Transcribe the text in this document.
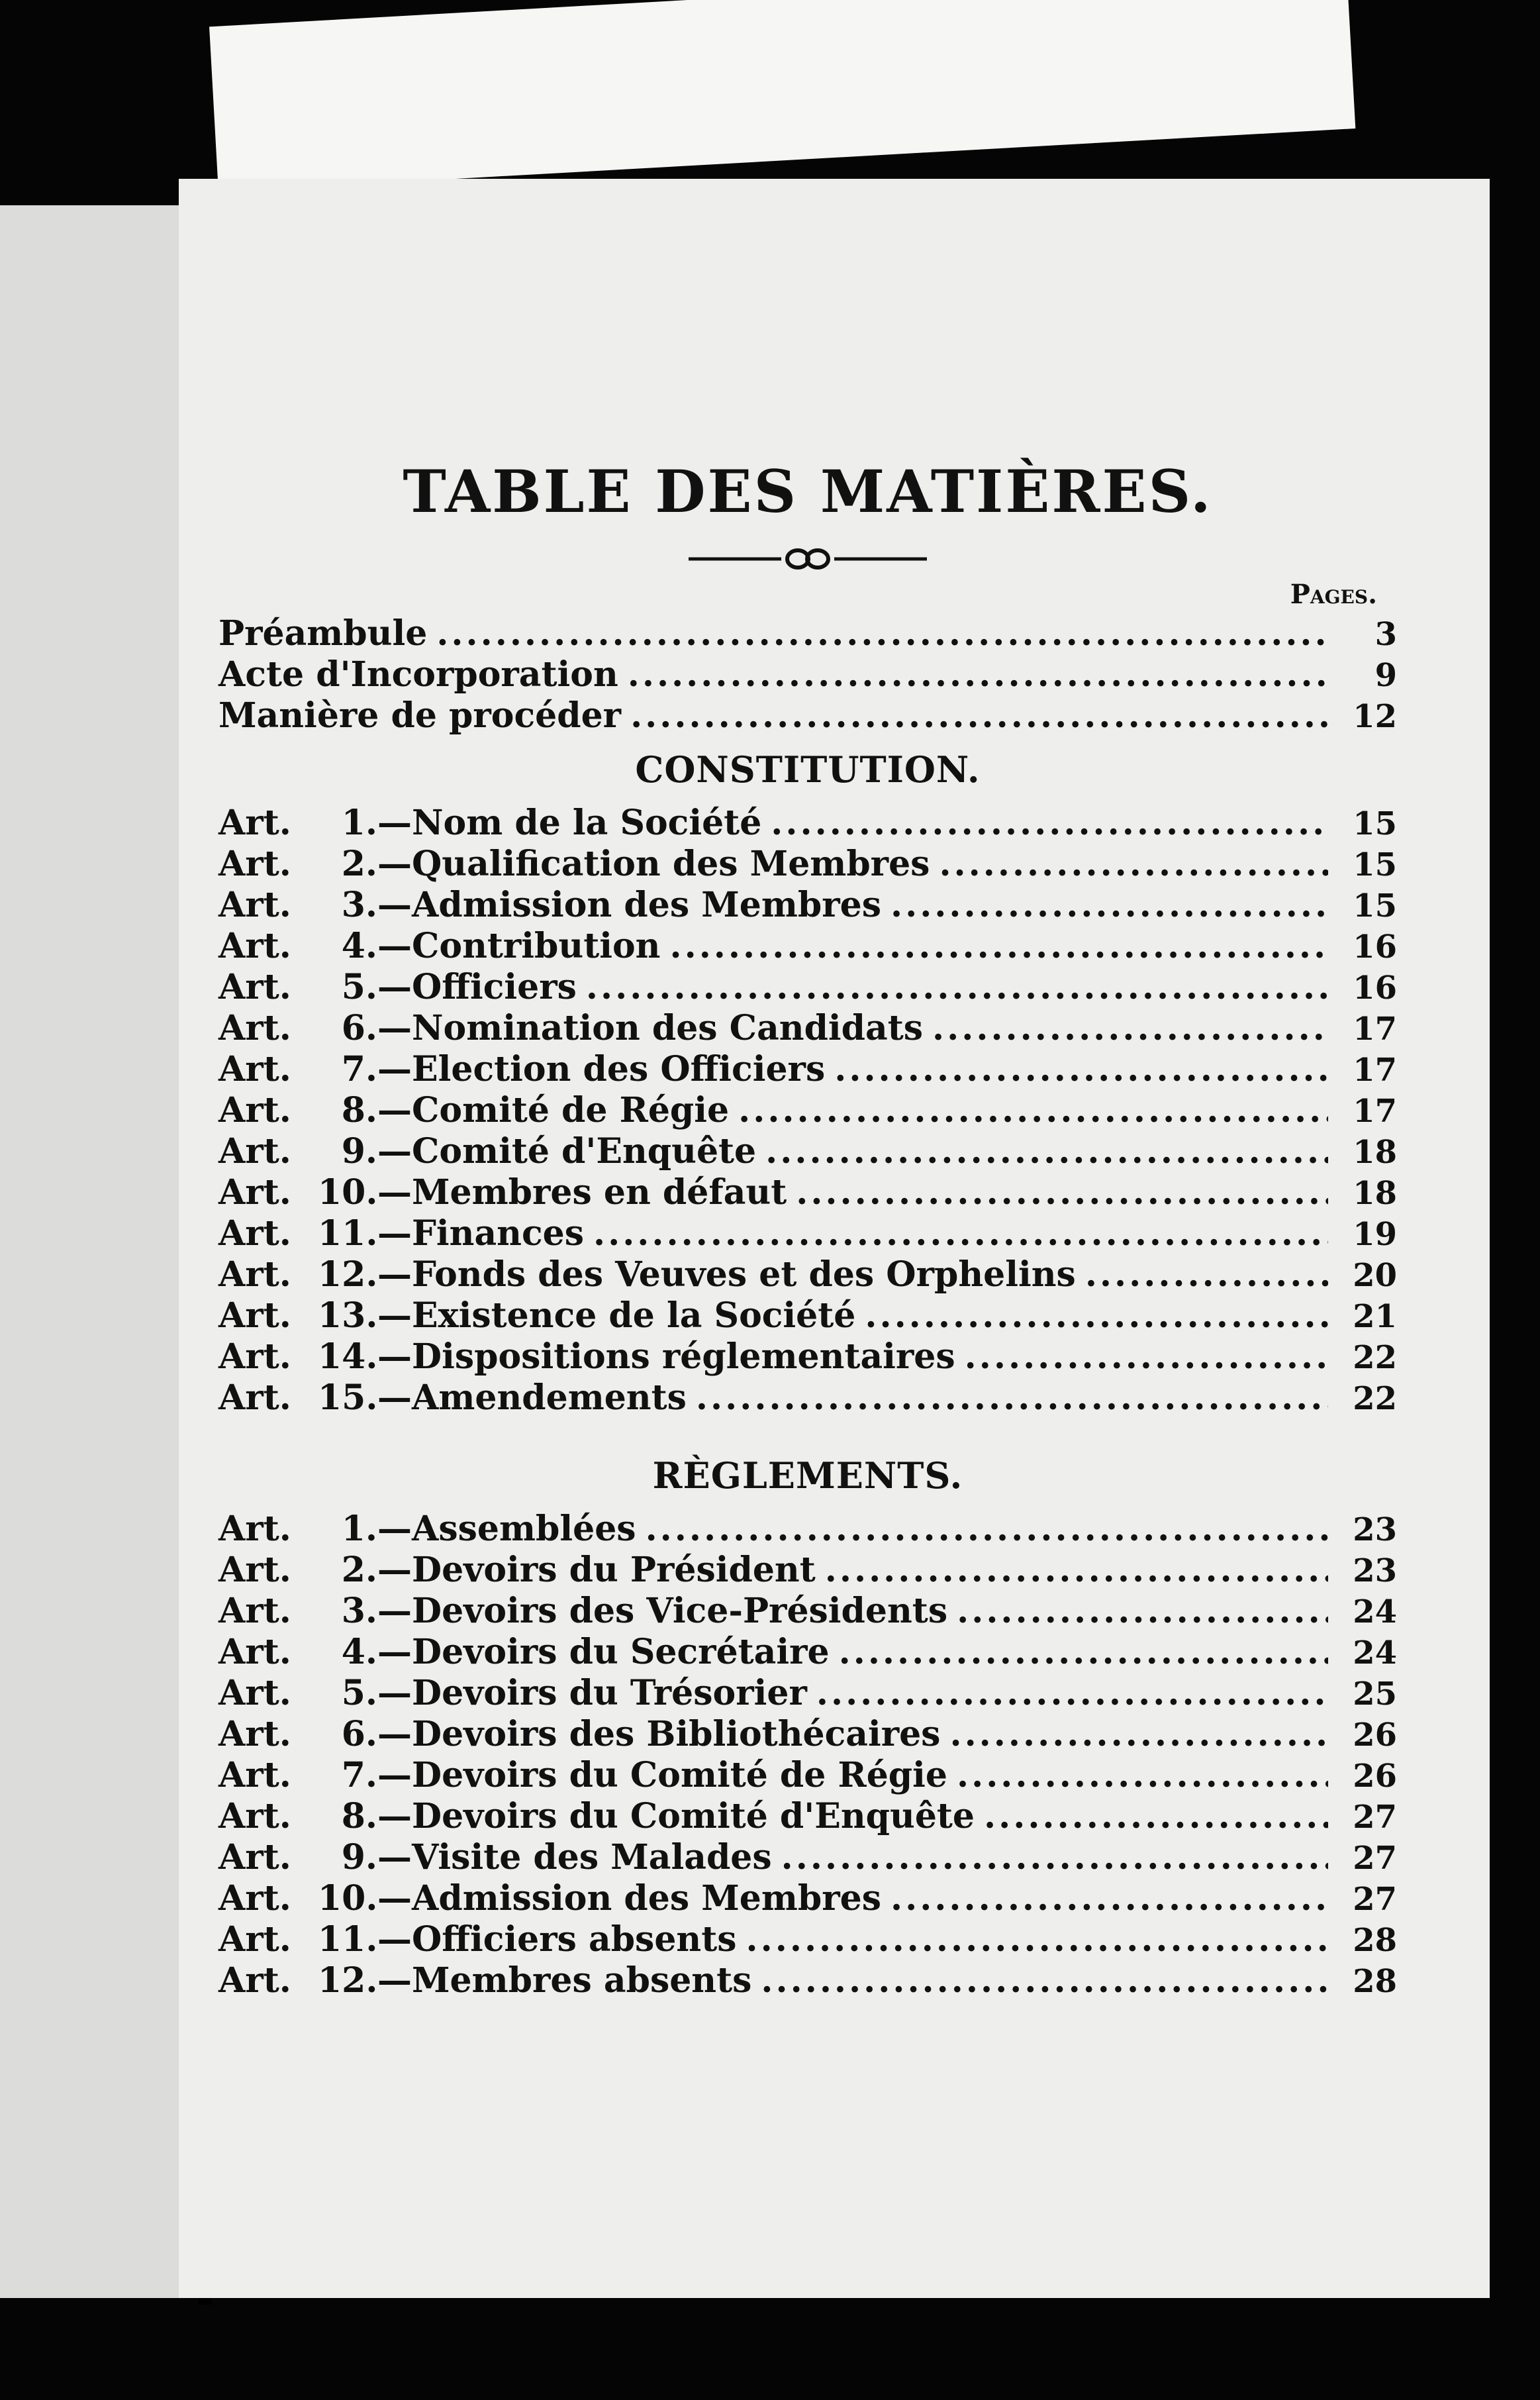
TABLE DES MATIÈRES.
Pages.
Préambule .....	3
Acte d'Incorporation .....	9
Manière de procéder .....	12
CONSTITUTION.
Art. 1.—Nom de la Société .....	15
Art. 2.—Qualification des Membres .....	15
Art. 3.—Admission des Membres .....	15
Art. 4.—Contribution .....	16
Art. 5.—Officiers .....	16
Art. 6.—Nomination des Candidats .....	17
Art. 7.—Election des Officiers .....	17
Art. 8.—Comité de Régie .....	17
Art. 9.—Comité d'Enquête .....	18
Art. 10.—Membres en défaut .....	18
Art. 11.—Finances .....	19
Art. 12.—Fonds des Veuves et des Orphelins .....	20
Art. 13.—Existence de la Société .....	21
Art. 14.—Dispositions réglementaires .....	22
Art. 15.—Amendements .....	22
RÈGLEMENTS.
Art. 1.—Assemblées .....	23
Art. 2.—Devoirs du Président .....	23
Art. 3.—Devoirs des Vice-Présidents .....	24
Art. 4.—Devoirs du Secrétaire .....	24
Art. 5.—Devoirs du Trésorier .....	25
Art. 6.—Devoirs des Bibliothécaires .....	26
Art. 7.—Devoirs du Comité de Régie .....	26
Art. 8.—Devoirs du Comité d'Enquête .....	27
Art. 9.—Visite des Malades .....	27
Art. 10.—Admission des Membres .....	27
Art. 11.—Officiers absents .....	28
Art. 12.—Membres absents .....	28
